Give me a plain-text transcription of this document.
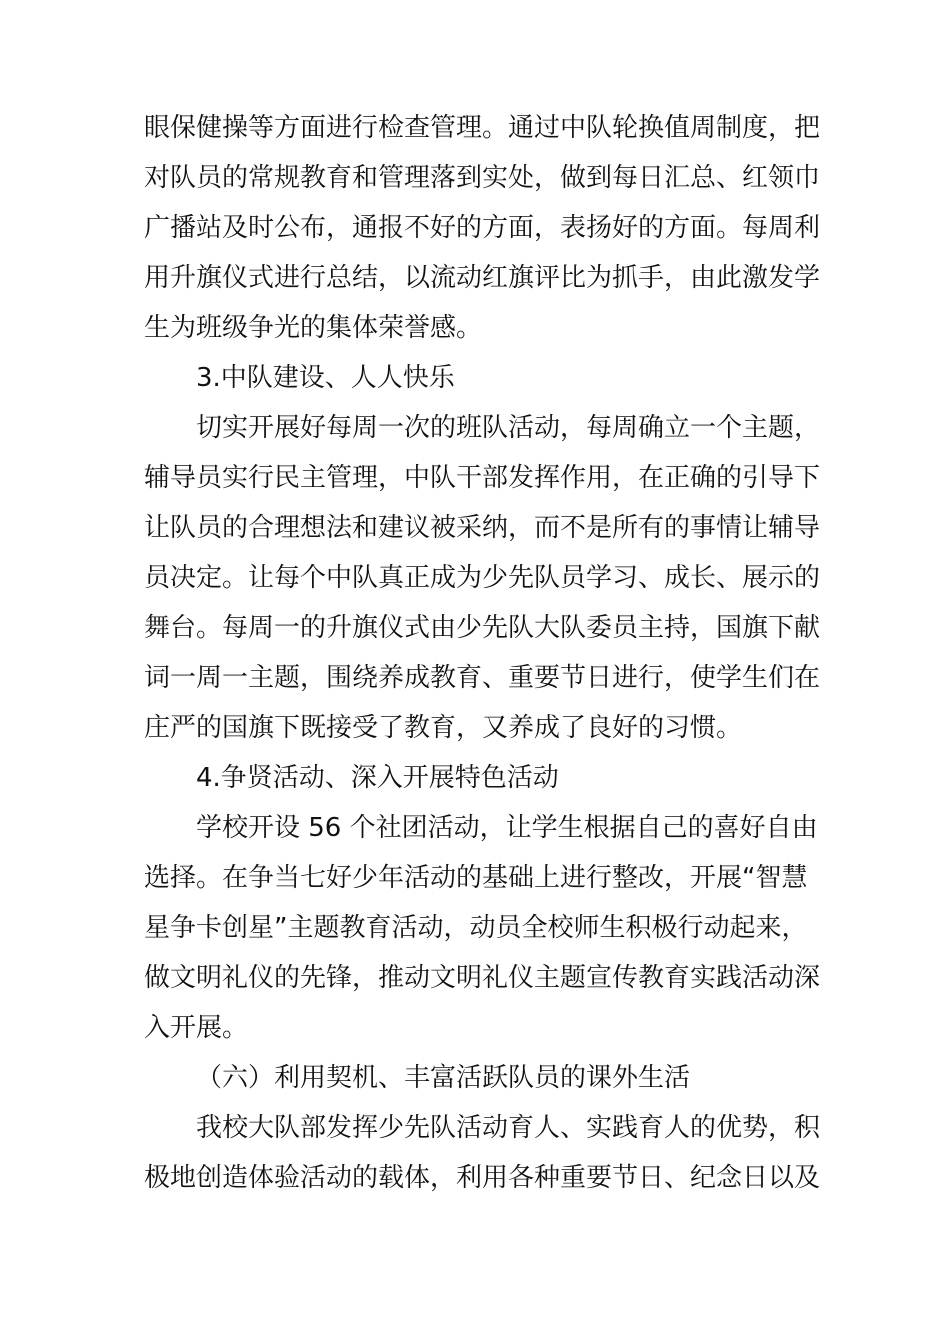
眼保健操等方面进行检查管理。通过中队轮换值周制度，把
对队员的常规教育和管理落到实处，做到每日汇总、红领巾
广播站及时公布，通报不好的方面，表扬好的方面。每周利
用升旗仪式进行总结，以流动红旗评比为抓手，由此激发学
生为班级争光的集体荣誉感。
3.中队建设、人人快乐
切实开展好每周一次的班队活动，每周确立一个主题，
辅导员实行民主管理，中队干部发挥作用，在正确的引导下
让队员的合理想法和建议被采纳，而不是所有的事情让辅导
员决定。让每个中队真正成为少先队员学习、成长、展示的
舞台。每周一的升旗仪式由少先队大队委员主持，国旗下献
词一周一主题，围绕养成教育、重要节日进行，使学生们在
庄严的国旗下既接受了教育，又养成了良好的习惯。
4.争贤活动、深入开展特色活动
学校开设 56 个社团活动，让学生根据自己的喜好自由
选择。在争当七好少年活动的基础上进行整改，开展“智慧
星争卡创星”主题教育活动，动员全校师生积极行动起来，
做文明礼仪的先锋，推动文明礼仪主题宣传教育实践活动深
入开展。
（六）利用契机、丰富活跃队员的课外生活
我校大队部发挥少先队活动育人、实践育人的优势，积
极地创造体验活动的载体，利用各种重要节日、纪念日以及
